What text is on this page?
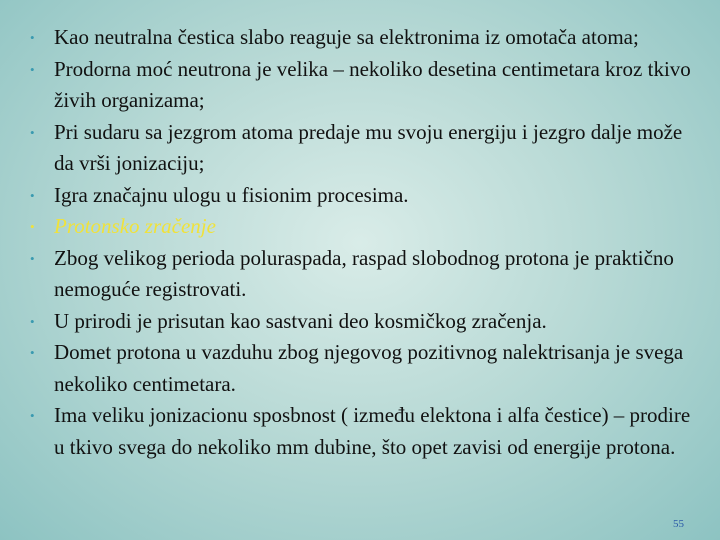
• Kao neutralna čestica slabo reaguje sa elektronima iz omotača atoma;
• Prodorna moć neutrona je velika – nekoliko desetina centimetara kroz tkivo živih organizama;
• Pri sudaru sa jezgrom atoma predaje mu svoju energiju i jezgro dalje može da vrši jonizaciju;
• Igra značajnu ulogu u fisionim procesima.
• Protonsko zračenje
• Zbog velikog perioda poluraspada, raspad slobodnog protona je praktično nemoguće registrovati.
• U prirodi je prisutan kao sastvani deo kosmičkog zračenja.
• Domet protona u vazduhu zbog njegovog pozitivnog nalektrisanja je svega nekoliko centimetara.
• Ima veliku jonizacionu sposbnost ( između elektona i alfa čestice) – prodire u tkivo svega do nekoliko mm dubine, što opet zavisi od energije protona.
55
